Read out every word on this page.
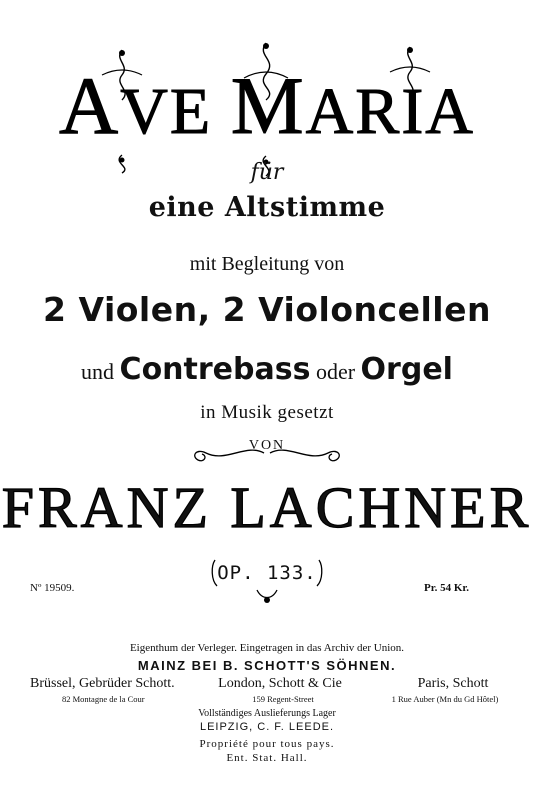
AVE MARIA
für
eine Altstimme
mit Begleitung von
2 Violen, 2 Violoncellen
und Contrebass oder Orgel
in Musik gesetzt
VON
FRANZ LACHNER
OP. 133.
Nº 19509.	Pr. 54 Kr.
Eigenthum der Verleger. Eingetragen in das Archiv der Union.
MAINZ BEI B. SCHOTT'S SÖHNEN.
Brüssel, Gebrüder Schott.	London, Schott & Cie	Paris, Schott
82 Montagne de la Cour	159 Regent-Street	1 Rue Auber (Mn du Gd Hôtel)
Vollständiges Auslieferungs Lager
LEIPZIG, C. F. LEEDE.
Propriété pour tous pays.
Ent. Stat. Hall.
